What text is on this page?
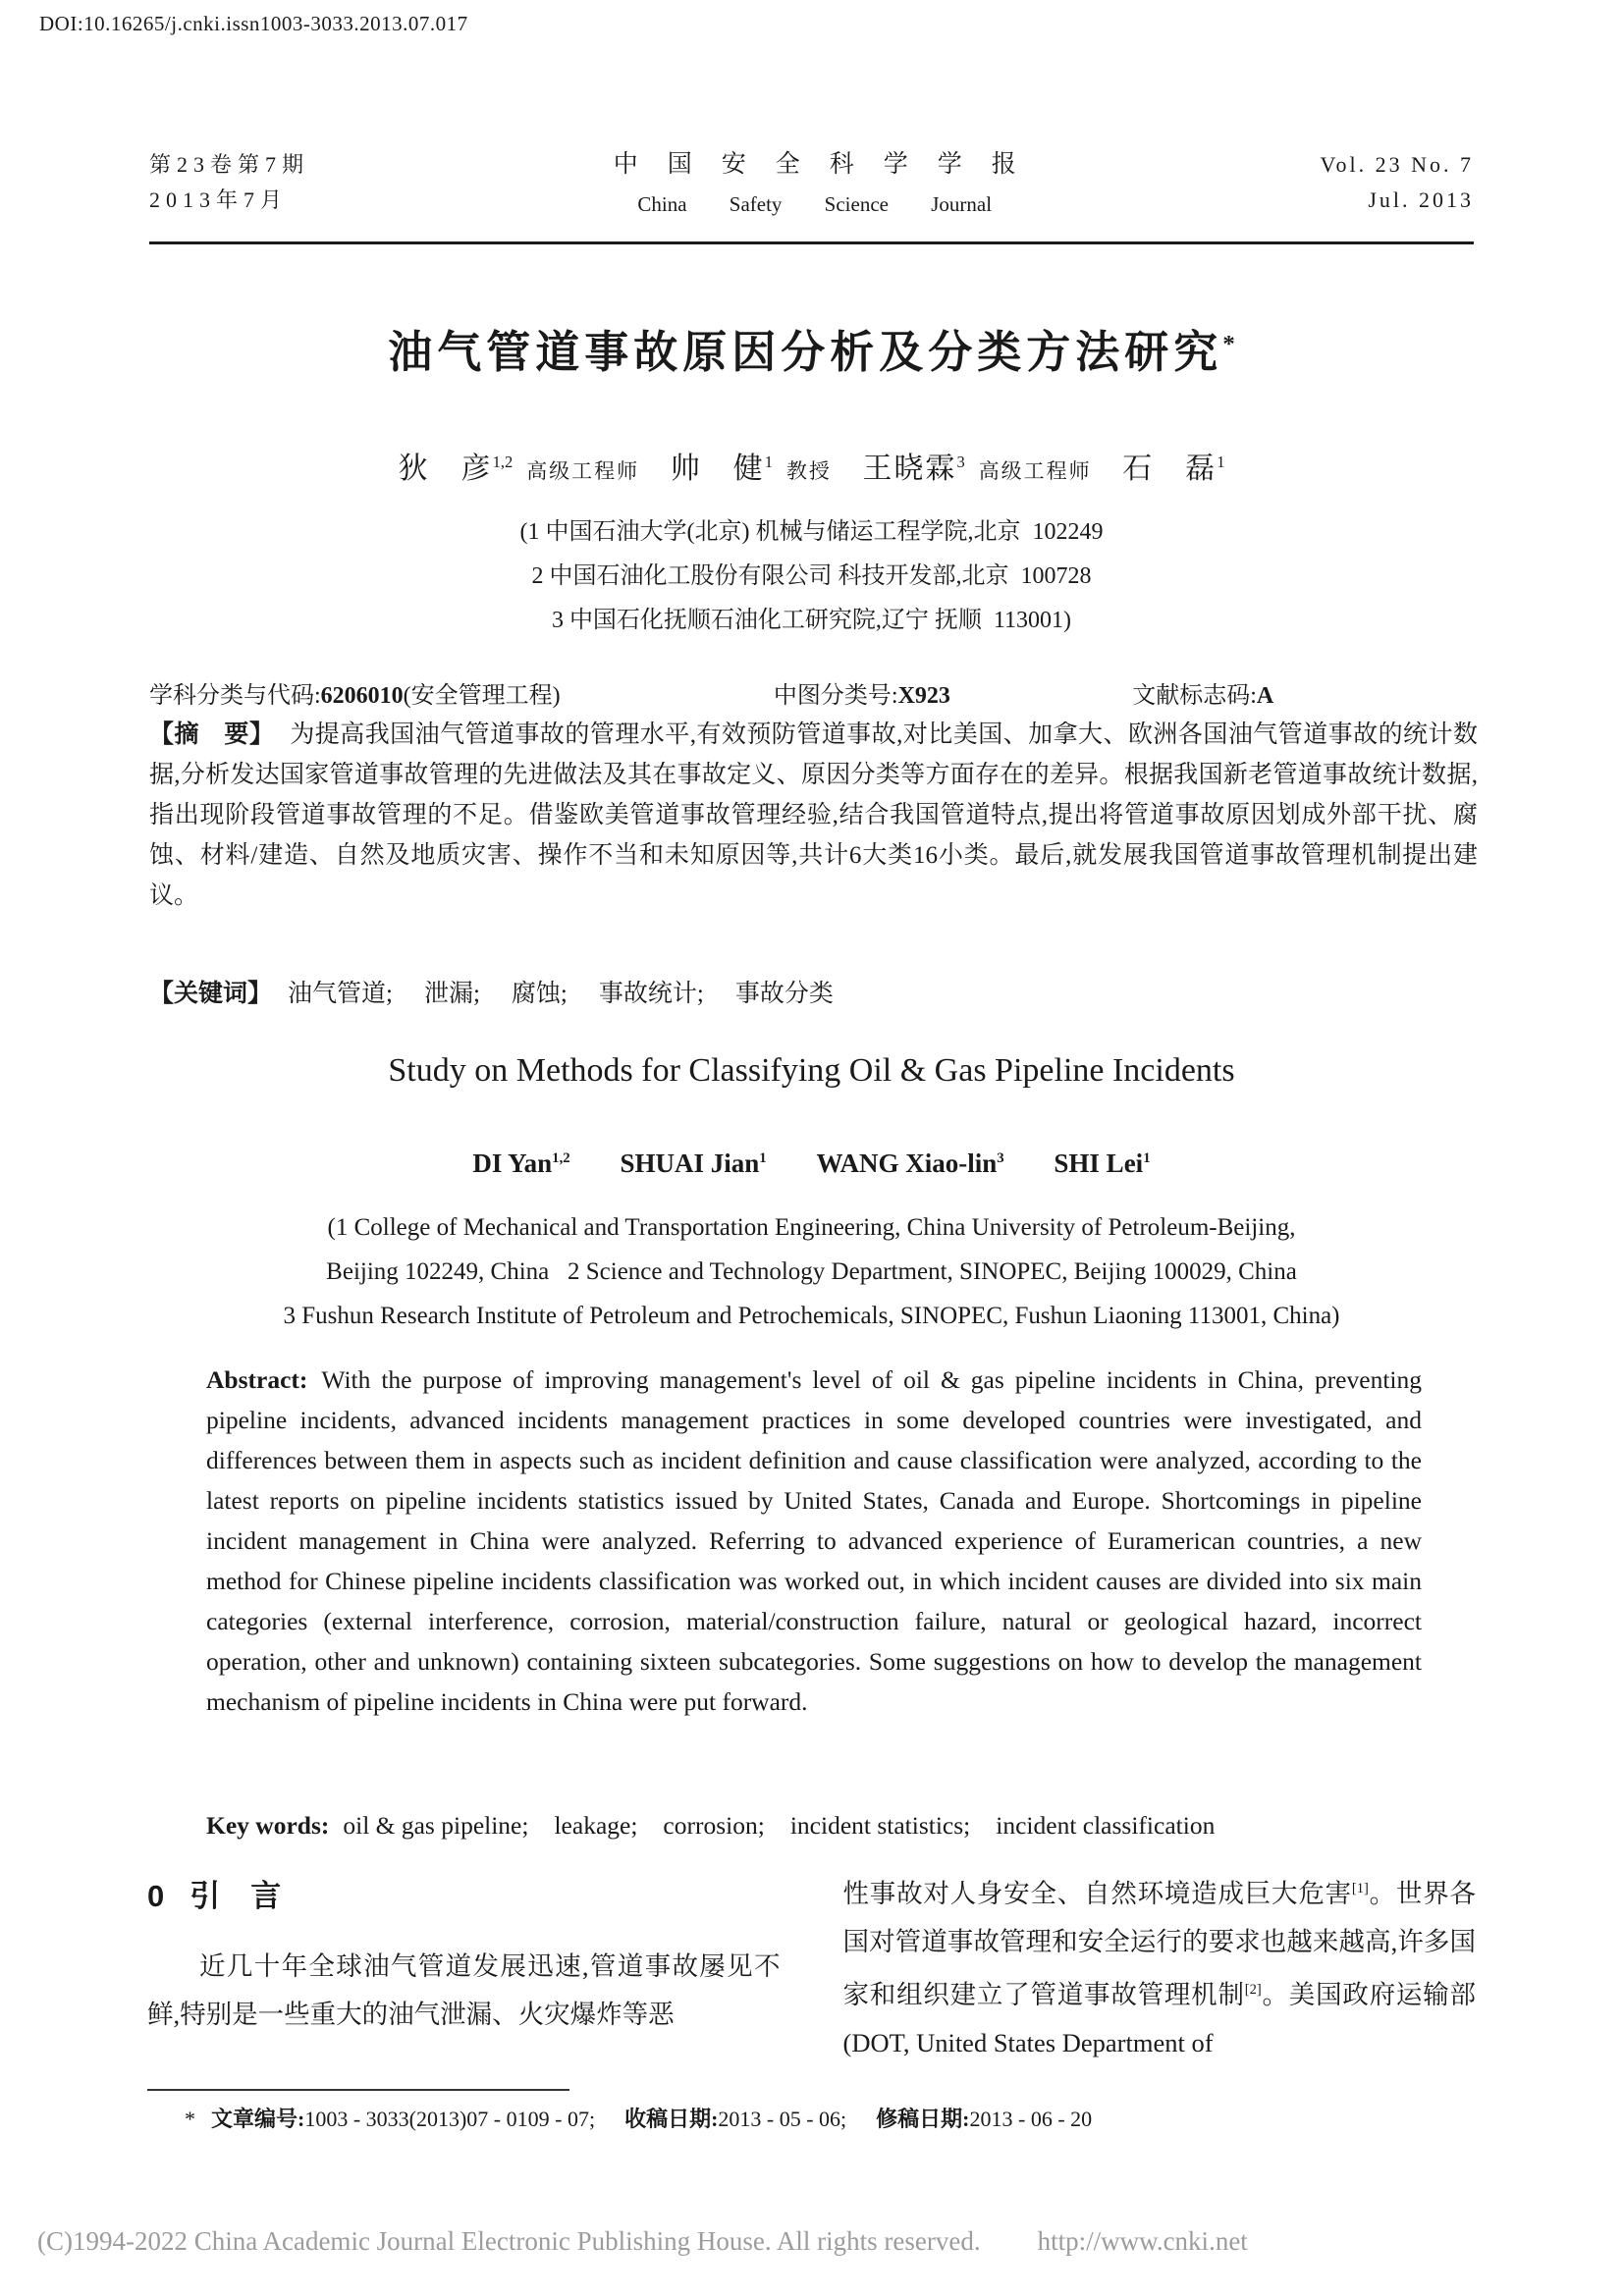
DOI:10.16265/j.cnki.issn1003-3033.2013.07.017
第23卷第7期
2013年7月
中国安全科学学报
China Safety Science Journal
Vol. 23 No. 7
Jul. 2013
油气管道事故原因分析及分类方法研究*
狄　彦$^{1,2}$ 高级工程师 帅　健$^1$ 教授 王晓霖$^3$ 高级工程师 石　磊$^1$
(1 中国石油大学(北京) 机械与储运工程学院,北京  102249
2 中国石油化工股份有限公司 科技开发部,北京  100728
3 中国石化抚顺石油化工研究院,辽宁 抚顺  113001)
学科分类与代码:6206010(安全管理工程)	中图分类号:X923	文献标志码:A

【摘　要】 为提高我国油气管道事故的管理水平,有效预防管道事故,对比美国、加拿大、欧洲各国油气管道事故的统计数据,分析发达国家管道事故管理的先进做法及其在事故定义、原因分类等方面存在的差异。根据我国新老管道事故统计数据,指出现阶段管道事故管理的不足。借鉴欧美管道事故管理经验,结合我国管道特点,提出将管道事故原因划成外部干扰、腐蚀、材料/建造、自然及地质灾害、操作不当和未知原因等,共计6大类16小类。最后,就发展我国管道事故管理机制提出建议。

【关键词】 油气管道; 泄漏; 腐蚀; 事故统计; 事故分类

Study on Methods for Classifying Oil & Gas Pipeline Incidents
DI Yan$^{1,2}$ SHUAI Jian$^1$ WANG Xiao-lin$^3$ SHI Lei$^1$
(1 College of Mechanical and Transportation Engineering, China University of Petroleum-Beijing,
Beijing 102249, China   2 Science and Technology Department, SINOPEC, Beijing 100029, China
3 Fushun Research Institute of Petroleum and Petrochemicals, SINOPEC, Fushun Liaoning 113001, China)

Abstract: With the purpose of improving management's level of oil & gas pipeline incidents in China, preventing pipeline incidents, advanced incidents management practices in some developed countries were investigated, and differences between them in aspects such as incident definition and cause classification were analyzed, according to the latest reports on pipeline incidents statistics issued by United States, Canada and Europe. Shortcomings in pipeline incident management in China were analyzed. Referring to advanced experience of Euramerican countries, a new method for Chinese pipeline incidents classification was worked out, in which incident causes are divided into six main categories (external interference, corrosion, material/construction failure, natural or geological hazard, incorrect operation, other and unknown) containing sixteen subcategories. Some suggestions on how to develop the management mechanism of pipeline incidents in China were put forward.

Key words: oil & gas pipeline; leakage; corrosion; incident statistics; incident classification

0 引　言

近几十年全球油气管道发展迅速,管道事故屡见不鲜,特别是一些重大的油气泄漏、火灾爆炸等恶

性事故对人身安全、自然环境造成巨大危害[1]。世界各国对管道事故管理和安全运行的要求也越来越高,许多国家和组织建立了管道事故管理机制[2]。美国政府运输部(DOT, United States Department of

* 文章编号:1003 - 3033(2013)07 - 0109 - 07; 收稿日期:2013 - 05 - 06; 修稿日期:2013 - 06 - 20

(C)1994-2022 China Academic Journal Electronic Publishing House. All rights reserved. http://www.cnki.net
